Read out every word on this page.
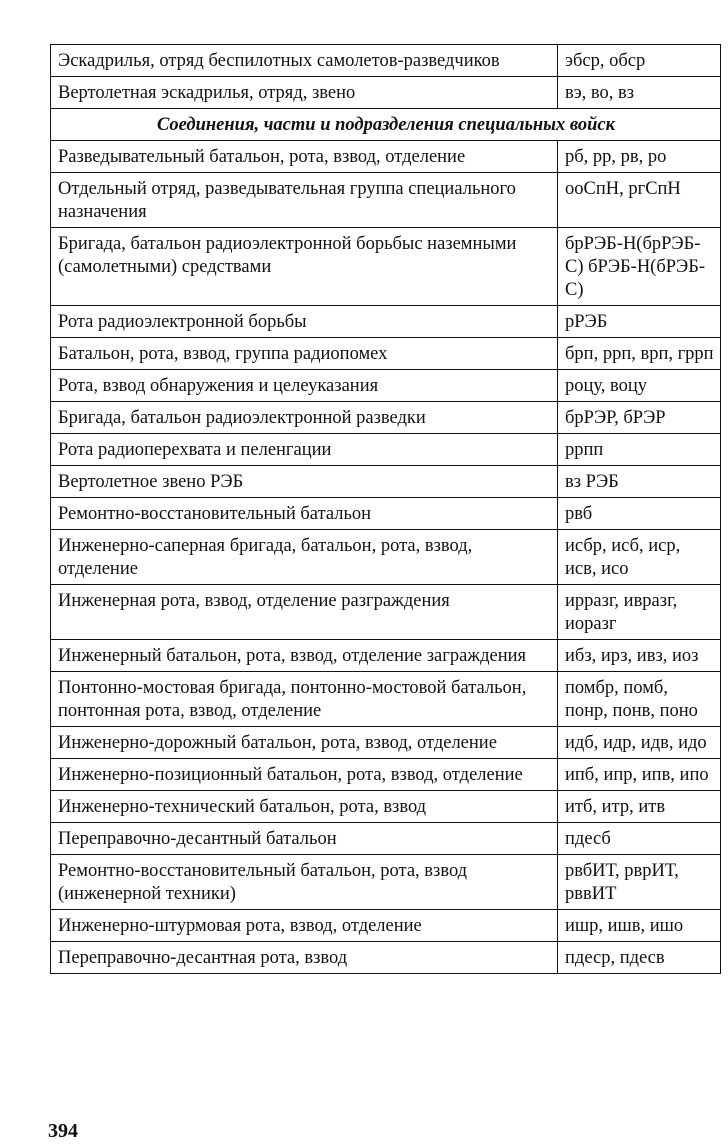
Эскадрилья, отряд беспилотных самолетов-разведчиков	эбср, обср
Вертолетная эскадрилья, отряд, звено	вэ, во, вз
Соединения, части и подразделения специальных войск	
Разведывательный батальон, рота, взвод, отделение	рб, рр, рв, ро
Отдельный отряд, разведывательная группа специального назначения	ооСпН, ргСпН
Бригада, батальон радиоэлектронной борьбыс наземными (самолетными) средствами	брРЭБ-Н(брРЭБ-С) бРЭБ-Н(бРЭБ-С)
Рота радиоэлектронной борьбы	рРЭБ
Батальон, рота, взвод, группа радиопомех	брп, ррп, врп, гррп
Рота, взвод обнаружения и целеуказания	роцу, воцу
Бригада, батальон радиоэлектронной разведки	брРЭР, бРЭР
Рота радиоперехвата и пеленгации	ррпп
Вертолетное звено РЭБ	вз РЭБ
Ремонтно-восстановительный батальон	рвб
Инженерно-саперная бригада, батальон, рота, взвод, отделение	исбр, исб, иср, исв, исо
Инженерная рота, взвод, отделение разграждения	ирразг, ивразг, иоразг
Инженерный батальон, рота, взвод, отделение заграждения	ибз, ирз, ивз, иоз
Понтонно-мостовая бригада, понтонно-мостовой батальон, понтонная рота, взвод, отделение	помбр, помб, понр, понв, поно
Инженерно-дорожный батальон, рота, взвод, отделение	идб, идр, идв, идо
Инженерно-позиционный батальон, рота, взвод, отделение	ипб, ипр, ипв, ипо
Инженерно-технический батальон, рота, взвод	итб, итр, итв
Переправочно-десантный батальон	пдесб
Ремонтно-восстановительный батальон, рота, взвод (инженерной техники)	рвбИТ, рврИТ, рввИТ
Инженерно-штурмовая рота, взвод, отделение	ишр, ишв, ишо
Переправочно-десантная рота, взвод	пдеср, пдесв
394
